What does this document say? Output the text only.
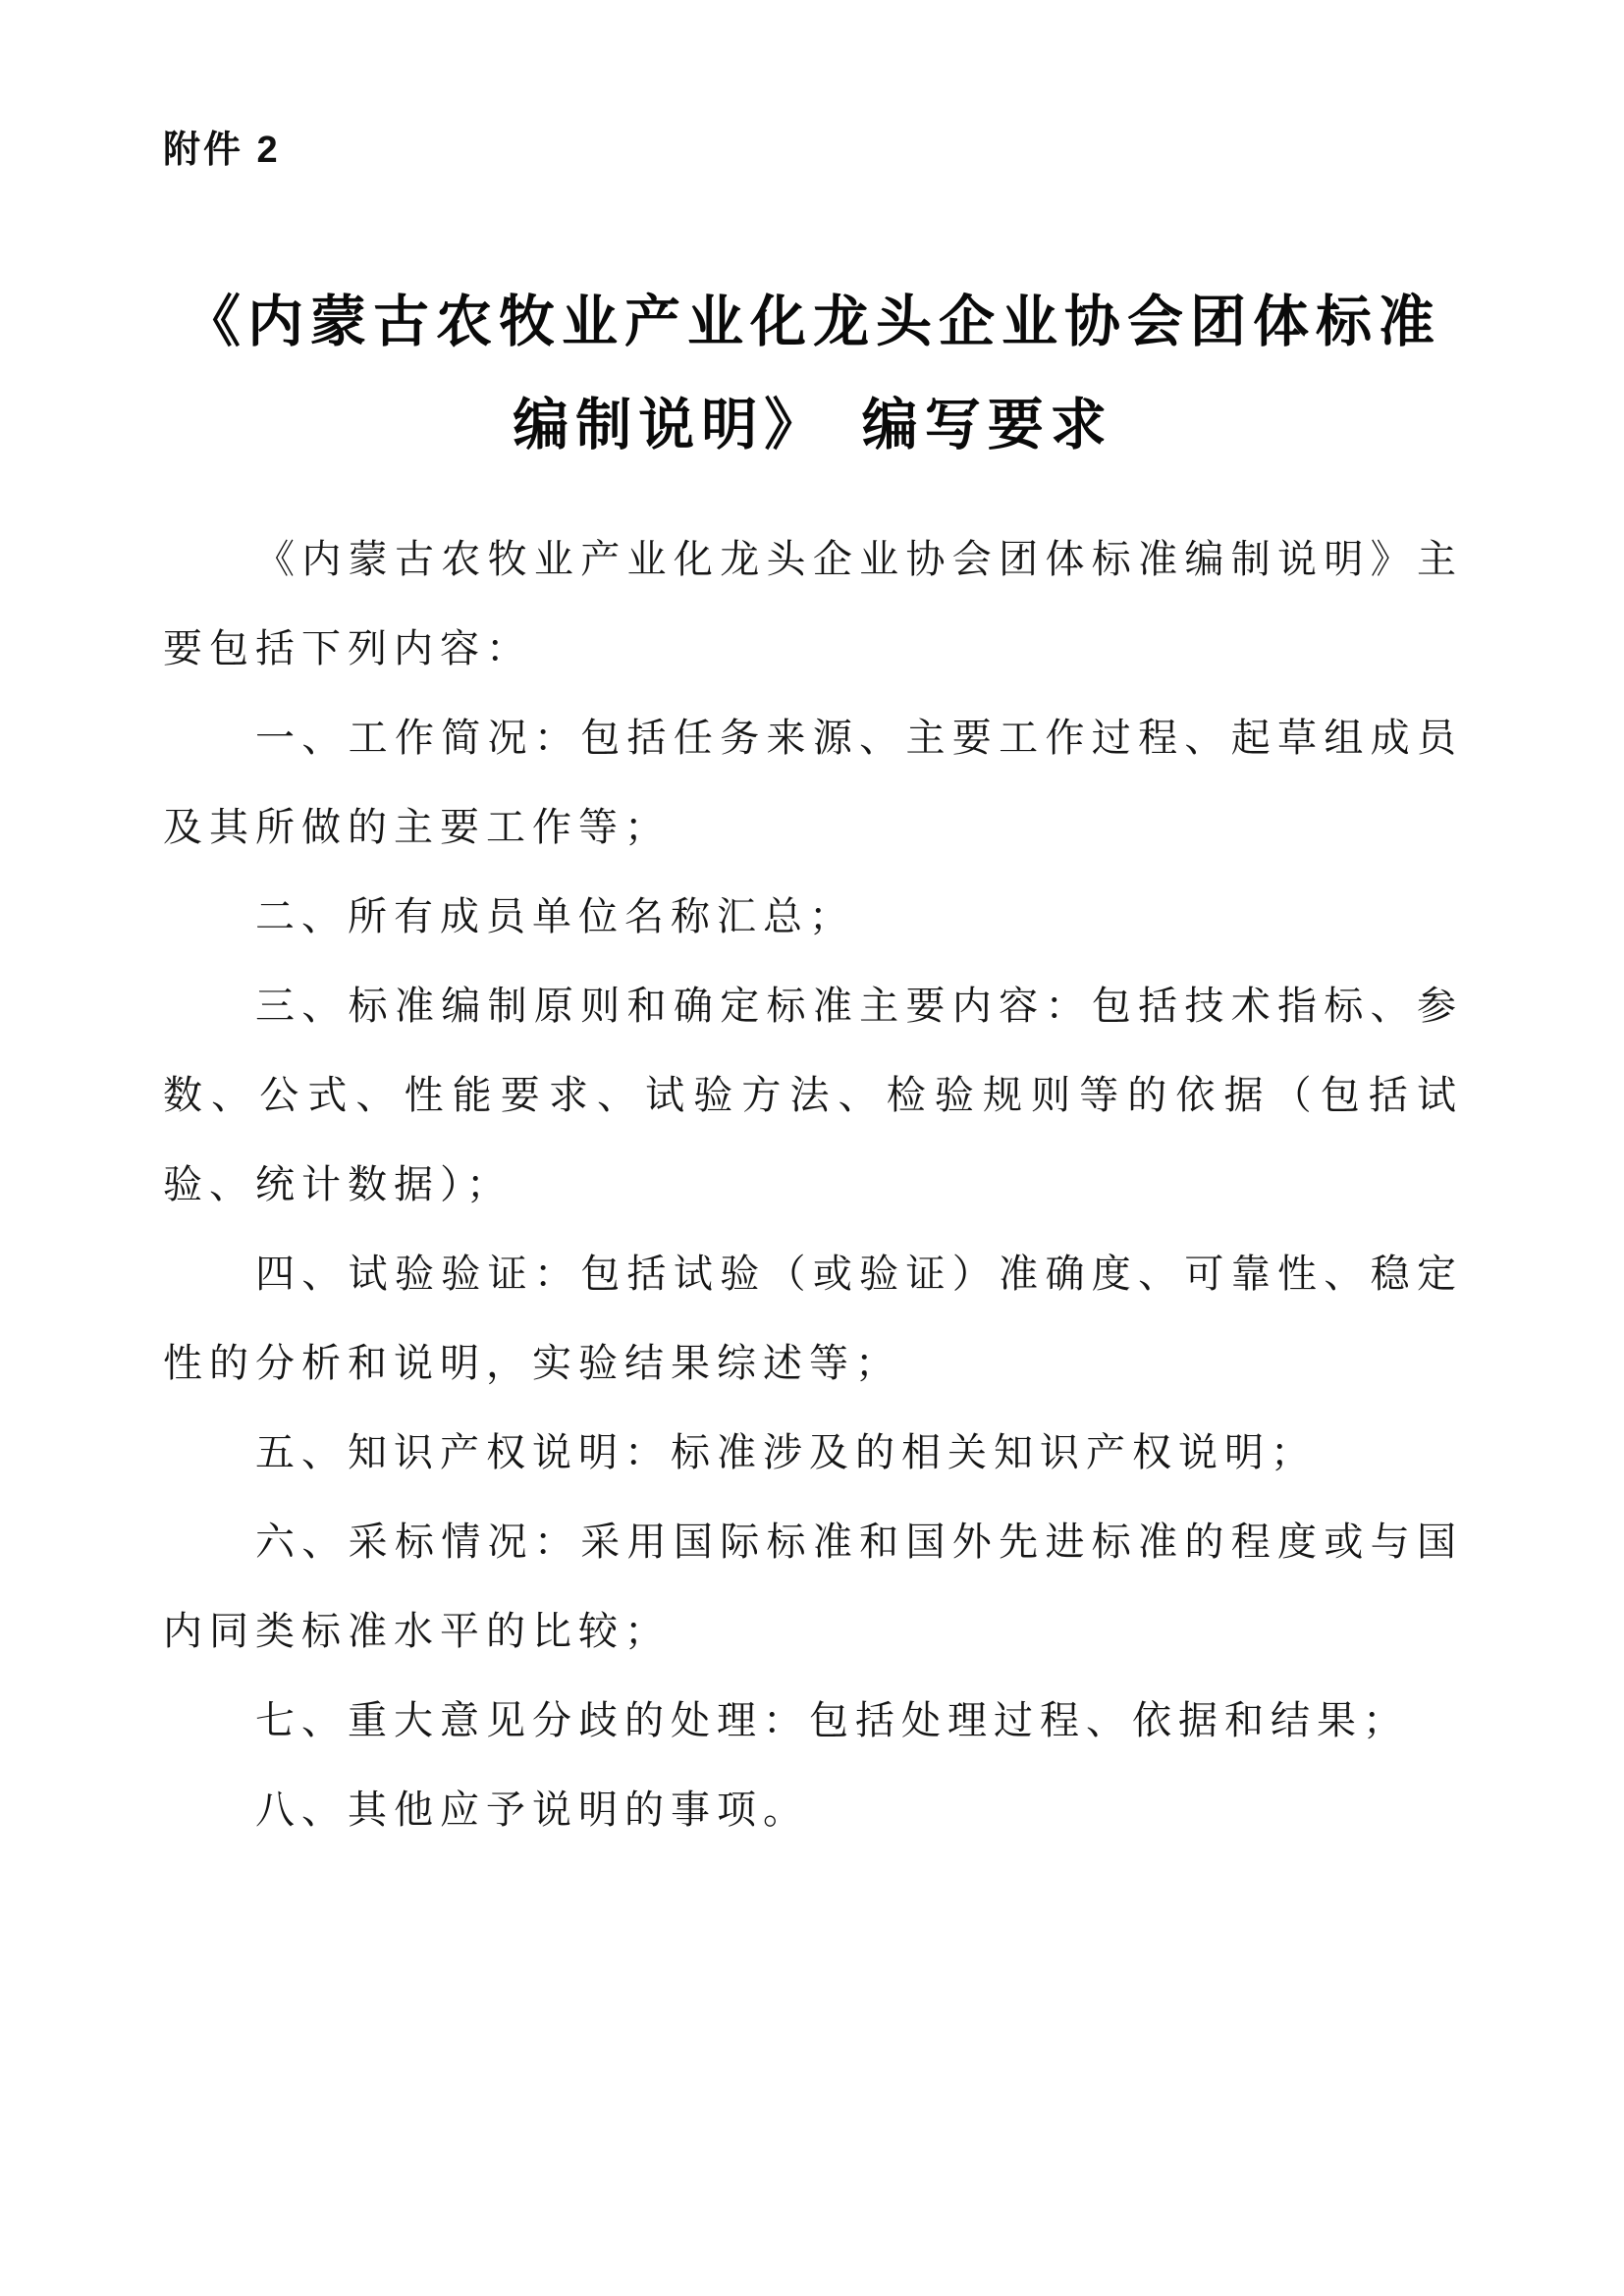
附件 2
《内蒙古农牧业产业化龙头企业协会团体标准
编制说明》　编写要求

《内蒙古农牧业产业化龙头企业协会团体标准编制说明》主要包括下列内容：

一、工作简况：包括任务来源、主要工作过程、起草组成员及其所做的主要工作等；

二、所有成员单位名称汇总；

三、标准编制原则和确定标准主要内容：包括技术指标、参数、公式、性能要求、试验方法、检验规则等的依据（包括试验、统计数据）；

四、试验验证：包括试验（或验证）准确度、可靠性、稳定性的分析和说明，实验结果综述等；

五、知识产权说明：标准涉及的相关知识产权说明；

六、采标情况：采用国际标准和国外先进标准的程度或与国内同类标准水平的比较；

七、重大意见分歧的处理：包括处理过程、依据和结果；

八、其他应予说明的事项。
